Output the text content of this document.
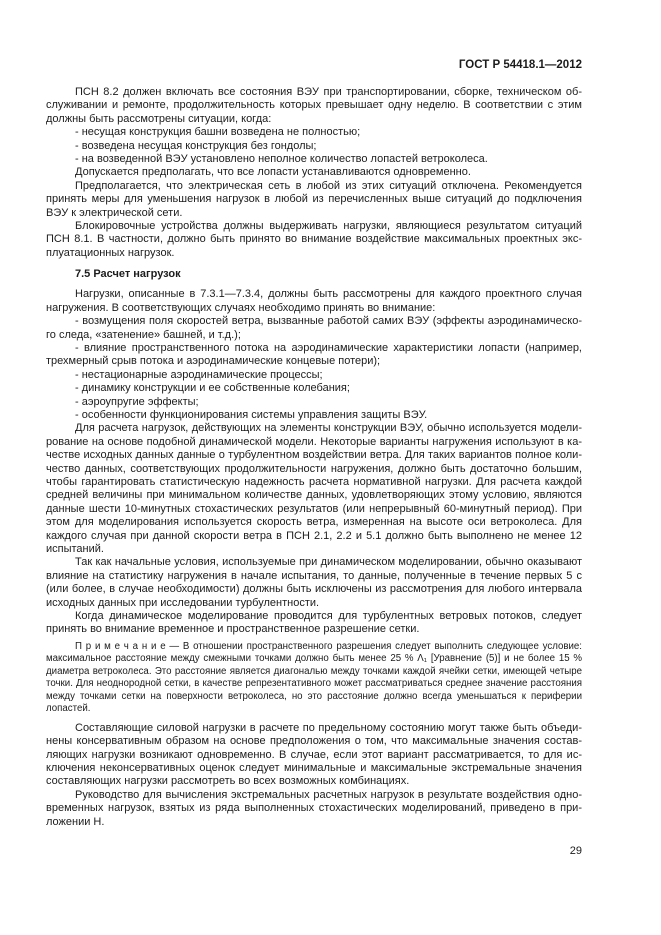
ГОСТ Р 54418.1—2012

ПСН 8.2 должен включать все состояния ВЭУ при транспортировании, сборке, техническом обслуживании и ремонте, продолжительность которых превышает одну неделю. В соответствии с этим должны быть рассмотрены ситуации, когда:

- несущая конструкция башни возведена не полностью;

- возведена несущая конструкция без гондолы;

- на возведенной ВЭУ установлено неполное количество лопастей ветроколеса.

Допускается предполагать, что все лопасти устанавливаются одновременно.

Предполагается, что электрическая сеть в любой из этих ситуаций отключена. Рекомендуется принять меры для уменьшения нагрузок в любой из перечисленных выше ситуаций до подключения ВЭУ к электрической сети.

Блокировочные устройства должны выдерживать нагрузки, являющиеся результатом ситуаций ПСН 8.1. В частности, должно быть принято во внимание воздействие максимальных проектных эксплуатационных нагрузок.

7.5 Расчет нагрузок

Нагрузки, описанные в 7.3.1—7.3.4, должны быть рассмотрены для каждого проектного случая нагружения. В соответствующих случаях необходимо принять во внимание:

- возмущения поля скоростей ветра, вызванные работой самих ВЭУ (эффекты аэродинамического следа, «затенение» башней, и т.д.);

- влияние пространственного потока на аэродинамические характеристики лопасти (например, трехмерный срыв потока и аэродинамические концевые потери);

- нестационарные аэродинамические процессы;

- динамику конструкции и ее собственные колебания;

- аэроупругие эффекты;

- особенности функционирования системы управления защиты ВЭУ.

Для расчета нагрузок, действующих на элементы конструкции ВЭУ, обычно используется моделирование на основе подобной динамической модели. Некоторые варианты нагружения используют в качестве исходных данных данные о турбулентном воздействии ветра. Для таких вариантов полное количество данных, соответствующих продолжительности нагружения, должно быть достаточно большим, чтобы гарантировать статистическую надежность расчета нормативной нагрузки. Для расчета каждой средней величины при минимальном количестве данных, удовлетворяющих этому условию, являются данные шести 10-минутных стохастических результатов (или непрерывный 60-минутный период). При этом для моделирования используется скорость ветра, измеренная на высоте оси ветроколеса. Для каждого случая при данной скорости ветра в ПСН 2.1, 2.2 и 5.1 должно быть выполнено не менее 12 испытаний.

Так как начальные условия, используемые при динамическом моделировании, обычно оказывают влияние на статистику нагружения в начале испытания, то данные, полученные в течение первых 5 с (или более, в случае необходимости) должны быть исключены из рассмотрения для любого интервала исходных данных при исследовании турбулентности.

Когда динамическое моделирование проводится для турбулентных ветровых потоков, следует принять во внимание временное и пространственное разрешение сетки.

П р и м е ч а н и е — В отношении пространственного разрешения следует выполнить следующее условие: максимальное расстояние между смежными точками должно быть менее 25 % Λ₁ [Уравнение (5)] и не более 15 % диаметра ветроколеса. Это расстояние является диагональю между точками каждой ячейки сетки, имеющей четыре точки. Для неоднородной сетки, в качестве репрезентативного может рассматриваться среднее значение расстояния между точками сетки на поверхности ветроколеса, но это расстояние должно всегда уменьшаться к периферии лопастей.

Составляющие силовой нагрузки в расчете по предельному состоянию могут также быть объединены консервативным образом на основе предположения о том, что максимальные значения составляющих нагрузки возникают одновременно. В случае, если этот вариант рассматривается, то для исключения неконсервативных оценок следует минимальные и максимальные экстремальные значения составляющих нагрузки рассмотреть во всех возможных комбинациях.

Руководство для вычисления экстремальных расчетных нагрузок в результате воздействия одновременных нагрузок, взятых из ряда выполненных стохастических моделирований, приведено в приложении Н.

29
